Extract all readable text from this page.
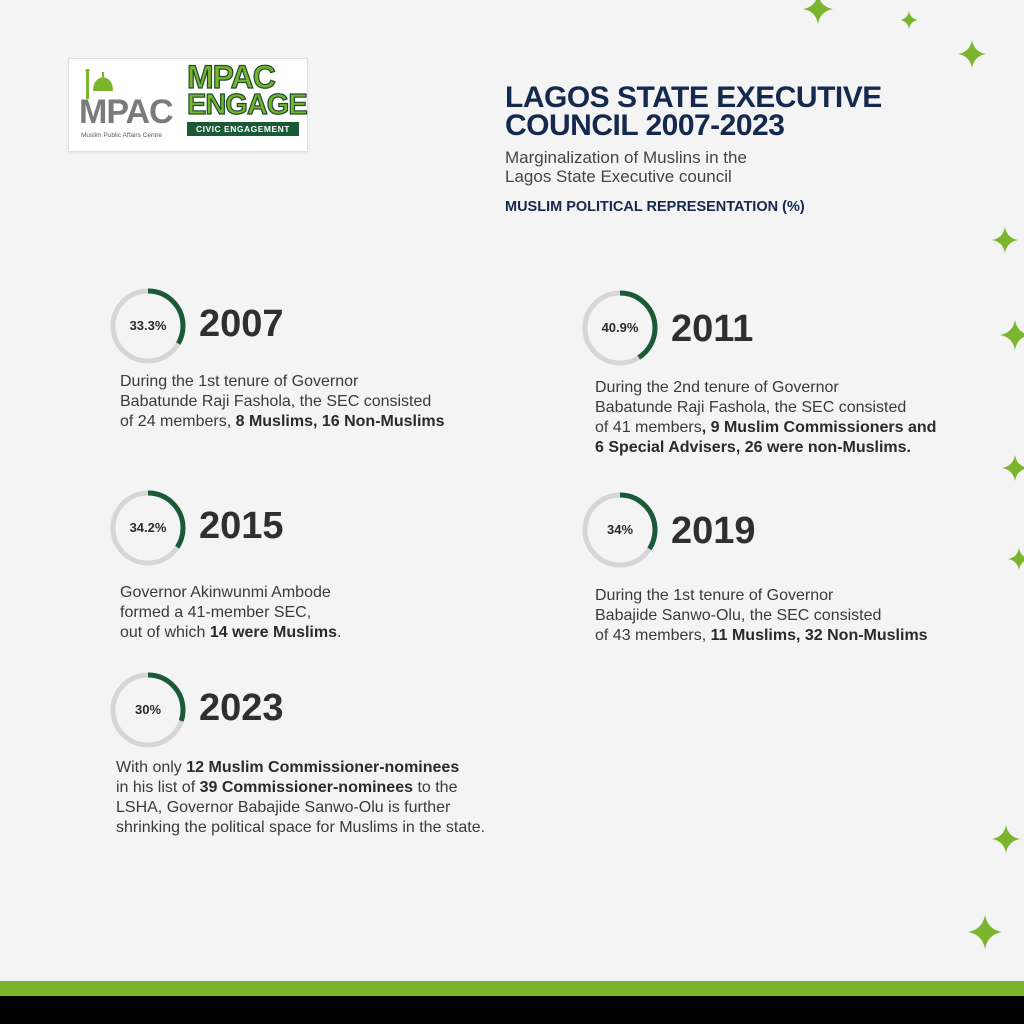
MPAC
Muslim Public Affairs Centre
MPAC
ENGAGE
CIVIC ENGAGEMENT
LAGOS STATE EXECUTIVE
COUNCIL 2007-2023
Marginalization of Muslins in the
Lagos State Executive council
MUSLIM POLITICAL REPRESENTATION (%)
33.3% 2007
During the 1st tenure of Governor
Babatunde Raji Fashola, the SEC consisted
of 24 members, 8 Muslims, 16 Non-Muslims
40.9% 2011
During the 2nd tenure of Governor
Babatunde Raji Fashola, the SEC consisted
of 41 members, 9 Muslim Commissioners and
6 Special Advisers, 26 were non-Muslims.
34.2% 2015
Governor Akinwunmi Ambode
formed a 41-member SEC,
out of which 14 were Muslims.
34% 2019
During the 1st tenure of Governor
Babajide Sanwo-Olu, the SEC consisted
of 43 members, 11 Muslims, 32 Non-Muslims
30% 2023
With only 12 Muslim Commissioner-nominees
in his list of 39 Commissioner-nominees to the
LSHA, Governor Babajide Sanwo-Olu is further
shrinking the political space for Muslims in the state.
